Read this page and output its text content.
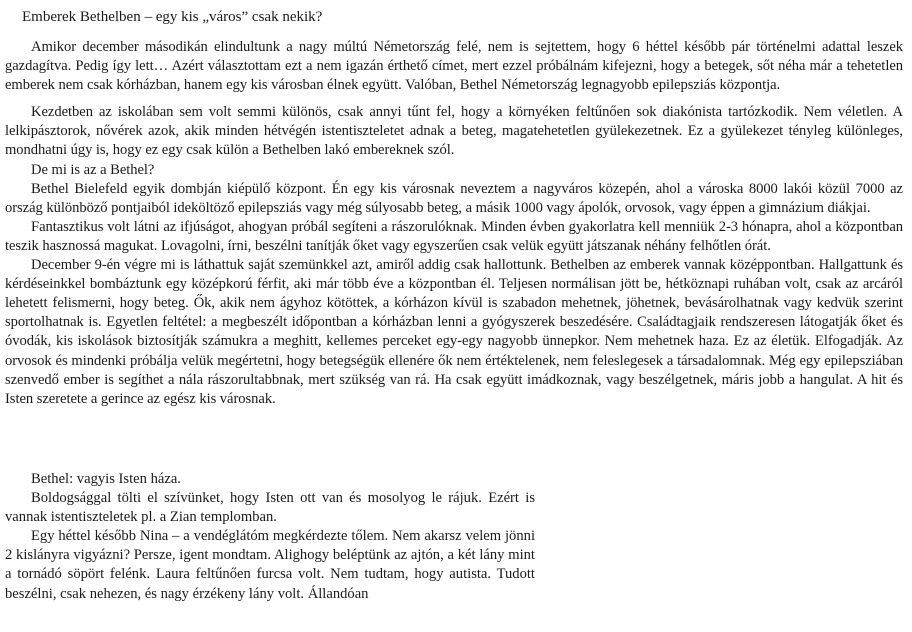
Emberek Bethelben – egy kis „város” csak nekik?

Amikor december másodikán elindultunk a nagy múltú Németország felé, nem is sejtettem, hogy 6 héttel később pár történelmi adattal leszek gazdagítva. Pedig így lett… Azért választottam ezt a nem igazán érthető címet, mert ezzel próbálnám kifejezni, hogy a betegek, sőt néha már a tehetetlen emberek nem csak kórházban, hanem egy kis városban élnek együtt. Valóban, Bethel Németország legnagyobb epilepsziás központja.

Kezdetben az iskolában sem volt semmi különös, csak annyi tűnt fel, hogy a környéken feltűnően sok diakónista tartózkodik. Nem véletlen. A lelkipásztorok, nővérek azok, akik minden hétvégén istentiszteletet adnak a beteg, magatehetetlen gyülekezetnek. Ez a gyülekezet tényleg különleges, mondhatni úgy is, hogy ez egy csak külön a Bethelben lakó embereknek szól.

De mi is az a Bethel?

Bethel Bielefeld egyik dombján kiépülő központ. Én egy kis városnak neveztem a nagyváros közepén, ahol a városka 8000 lakói közül 7000 az ország különböző pontjaiból ideköltöző epilepsziás vagy még súlyosabb beteg, a másik 1000 vagy ápolók, orvosok, vagy éppen a gimnázium diákjai.

Fantasztikus volt látni az ifjúságot, ahogyan próbál segíteni a rászorulóknak. Minden évben gyakorlatra kell menniük 2-3 hónapra, ahol a központban teszik hasznossá magukat. Lovagolni, írni, beszélni tanítják őket vagy egyszerűen csak velük együtt játszanak néhány felhőtlen órát.

December 9-én végre mi is láthattuk saját szemünkkel azt, amiről addig csak hallottunk. Bethelben az emberek vannak középpontban. Hallgattunk és kérdéseinkkel bombáztunk egy középkorú férfit, aki már több éve a központban él. Teljesen normálisan jött be, hétköznapi ruhában volt, csak az arcáról lehetett felismerni, hogy beteg. Ők, akik nem ágyhoz kötöttek, a kórházon kívül is szabadon mehetnek, jöhetnek, bevásárolhatnak vagy kedvük szerint sportolhatnak is. Egyetlen feltétel: a megbeszélt időpontban a kórházban lenni a gyógyszerek beszedésére. Családtagjaik rendszeresen látogatják őket és óvodák, kis iskolások biztosítják számukra a meghitt, kellemes perceket egy-egy nagyobb ünnepkor. Nem mehetnek haza. Ez az életük. Elfogadják. Az orvosok és mindenki próbálja velük megértetni, hogy betegségük ellenére ők nem értéktelenek, nem feleslegesek a társadalomnak. Még egy epilepsziában szenvedő ember is segíthet a nála rászorultabbnak, mert szükség van rá. Ha csak együtt imádkoznak, vagy beszélgetnek, máris jobb a hangulat. A hit és Isten szeretete a gerince az egész kis városnak.

Bethel: vagyis Isten háza.

Boldogsággal tölti el szívünket, hogy Isten ott van és mosolyog le rájuk. Ezért is vannak istentiszteletek pl. a Zian templomban.

Egy héttel később Nina – a vendéglátóm megkérdezte tőlem. Nem akarsz velem jönni 2 kislányra vigyázni? Persze, igent mondtam. Alighogy beléptünk az ajtón, a két lány mint a tornádó söpört felénk. Laura feltűnően furcsa volt. Nem tudtam, hogy autista. Tudott beszélni, csak nehezen, és nagy érzékeny lány volt. Állandóan
